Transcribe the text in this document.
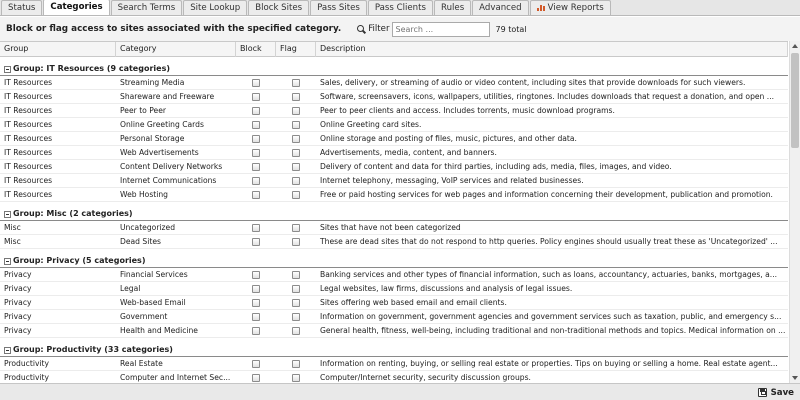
Status	Categories	Search Terms	Site Lookup	Block Sites	Pass Sites	Pass Clients	Rules	Advanced	View Reports
Block or flag access to sites associated with the specified category.	Filter
Search ...	79 total
Group	Category	Block	Flag	Description
Group: IT Resources (9 categories)
IT Resources	Streaming Media	Sales, delivery, or streaming of audio or video content, including sites that provide downloads for such viewers.
IT Resources	Shareware and Freeware	Software, screensavers, icons, wallpapers, utilities, ringtones. Includes downloads that request a donation, and open ...
IT Resources	Peer to Peer	Peer to peer clients and access. Includes torrents, music download programs.
IT Resources	Online Greeting Cards	Online Greeting card sites.
IT Resources	Personal Storage	Online storage and posting of files, music, pictures, and other data.
IT Resources	Web Advertisements	Advertisements, media, content, and banners.
IT Resources	Content Delivery Networks	Delivery of content and data for third parties, including ads, media, files, images, and video.
IT Resources	Internet Communications	Internet telephony, messaging, VoIP services and related businesses.
IT Resources	Web Hosting	Free or paid hosting services for web pages and information concerning their development, publication and promotion.
Group: Misc (2 categories)
Misc	Uncategorized	Sites that have not been categorized
Misc	Dead Sites	These are dead sites that do not respond to http queries. Policy engines should usually treat these as 'Uncategorized' ...
Group: Privacy (5 categories)
Privacy	Financial Services	Banking services and other types of financial information, such as loans, accountancy, actuaries, banks, mortgages, a...
Privacy	Legal	Legal websites, law firms, discussions and analysis of legal issues.
Privacy	Web-based Email	Sites offering web based email and email clients.
Privacy	Government	Information on government, government agencies and government services such as taxation, public, and emergency s...
Privacy	Health and Medicine	General health, fitness, well-being, including traditional and non-traditional methods and topics. Medical information on ...
Group: Productivity (33 categories)
Productivity	Real Estate	Information on renting, buying, or selling real estate or properties. Tips on buying or selling a home. Real estate agent...
Productivity	Computer and Internet Sec...	Computer/Internet security, security discussion groups.
Save
